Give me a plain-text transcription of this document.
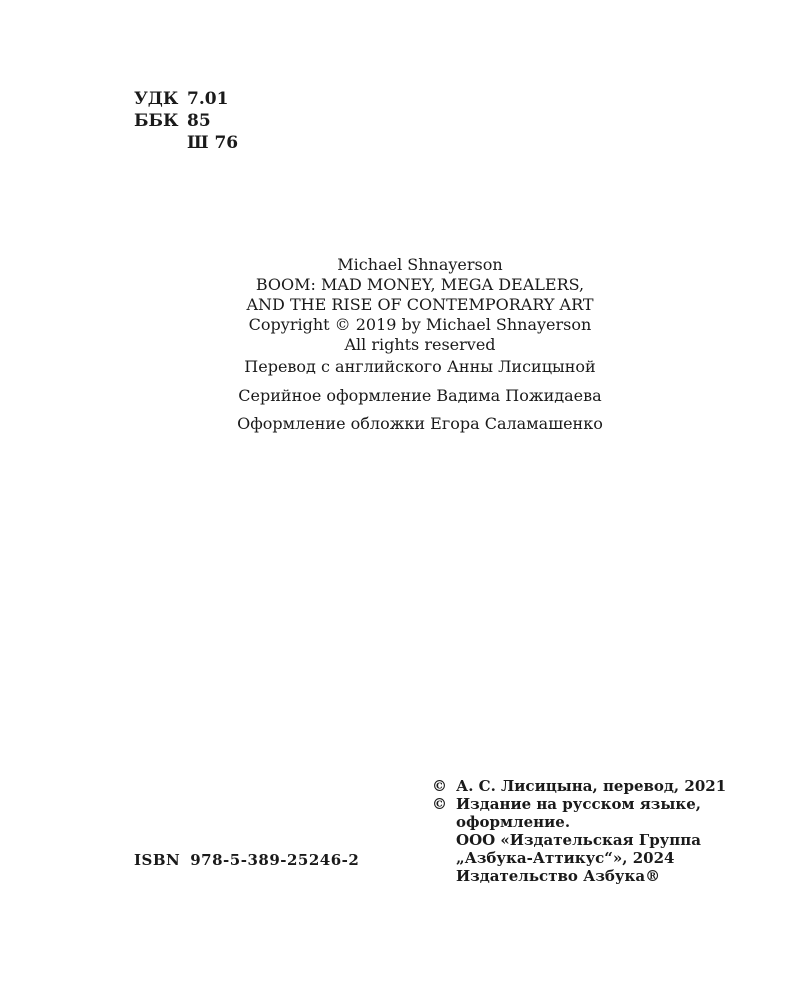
УДК 7.01
ББК 85
Ш 76
Michael Shnayerson
BOOM: MAD MONEY, MEGA DEALERS,
AND THE RISE OF CONTEMPORARY ART
Copyright © 2019 by Michael Shnayerson
All rights reserved
Перевод с английского Анны Лисицыной
Серийное оформление Вадима Пожидаева
Оформление обложки Егора Саламашенко
© А. С. Лисицына, перевод, 2021
© Издание на русском языке,
оформление.
ООО «Издательская Группа
„Азбука-Аттикус“», 2024
Издательство Азбука®
ISBN 978-5-389-25246-2
